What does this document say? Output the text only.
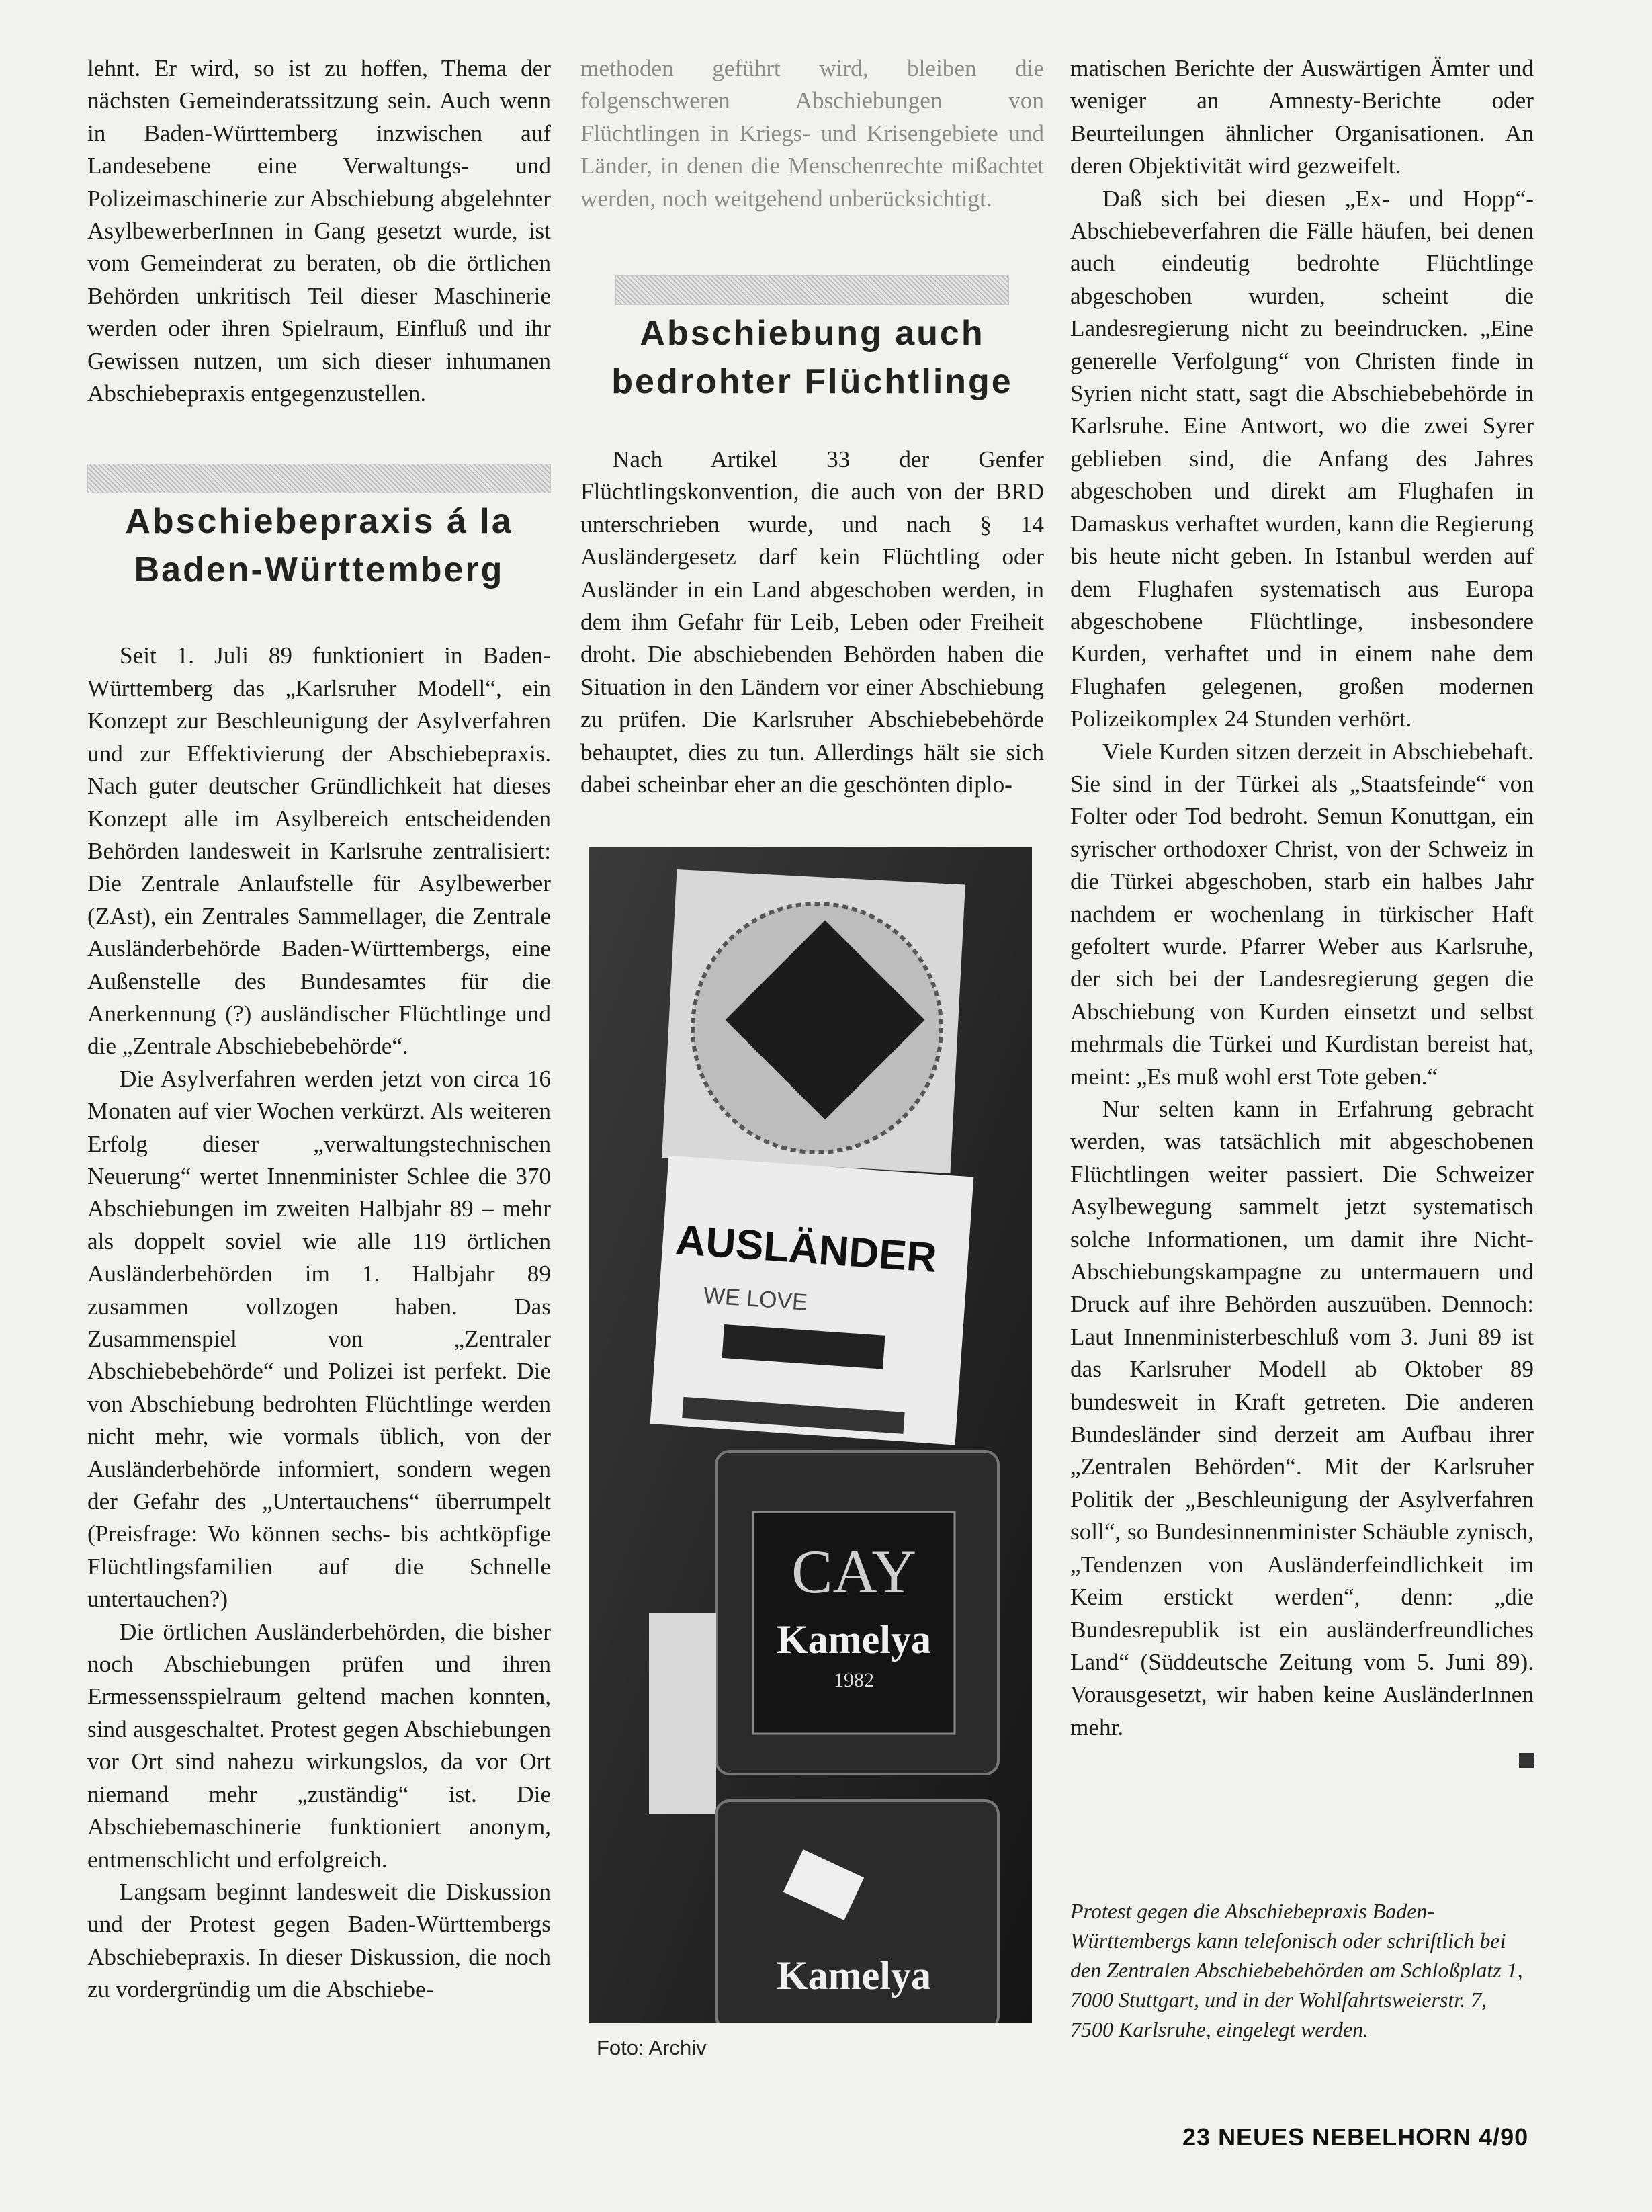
lehnt. Er wird, so ist zu hoffen, Thema der nächsten Gemeinderatssitzung sein. Auch wenn in Baden-Württemberg inzwischen auf Landesebene eine Verwaltungs- und Polizeimaschinerie zur Abschiebung abgelehnter AsylbewerberInnen in Gang gesetzt wurde, ist vom Gemeinderat zu beraten, ob die örtlichen Behörden unkritisch Teil dieser Maschinerie werden oder ihren Spielraum, Einfluß und ihr Gewissen nutzen, um sich dieser inhumanen Abschiebepraxis entgegenzustellen.

Abschiebepraxis á la
Baden-Württemberg

Seit 1. Juli 89 funktioniert in Baden-Württemberg das „Karlsruher Modell“, ein Konzept zur Beschleunigung der Asylverfahren und zur Effektivierung der Abschiebepraxis. Nach guter deutscher Gründlichkeit hat dieses Konzept alle im Asylbereich entscheidenden Behörden landesweit in Karlsruhe zentralisiert: Die Zentrale Anlaufstelle für Asylbewerber (ZAst), ein Zentrales Sammellager, die Zentrale Ausländerbehörde Baden-Württembergs, eine Außenstelle des Bundesamtes für die Anerkennung (?) ausländischer Flüchtlinge und die „Zentrale Abschiebebehörde“.

Die Asylverfahren werden jetzt von circa 16 Monaten auf vier Wochen verkürzt. Als weiteren Erfolg dieser „verwaltungstechnischen Neuerung“ wertet Innenminister Schlee die 370 Abschiebungen im zweiten Halbjahr 89 – mehr als doppelt soviel wie alle 119 örtlichen Ausländerbehörden im 1. Halbjahr 89 zusammen vollzogen haben. Das Zusammenspiel von „Zentraler Abschiebebehörde“ und Polizei ist perfekt. Die von Abschiebung bedrohten Flüchtlinge werden nicht mehr, wie vormals üblich, von der Ausländerbehörde informiert, sondern wegen der Gefahr des „Untertauchens“ überrumpelt (Preisfrage: Wo können sechs- bis achtköpfige Flüchtlingsfamilien auf die Schnelle untertauchen?)

Die örtlichen Ausländerbehörden, die bisher noch Abschiebungen prüfen und ihren Ermessensspielraum geltend machen konnten, sind ausgeschaltet. Protest gegen Abschiebungen vor Ort sind nahezu wirkungslos, da vor Ort niemand mehr „zuständig“ ist. Die Abschiebemaschinerie funktioniert anonym, entmenschlicht und erfolgreich.

Langsam beginnt landesweit die Diskussion und der Protest gegen Baden-Württembergs Abschiebepraxis. In dieser Diskussion, die noch zu vordergründig um die Abschiebe-

methoden geführt wird, bleiben die folgenschweren Abschiebungen von Flüchtlingen in Kriegs- und Krisengebiete und Länder, in denen die Menschenrechte mißachtet werden, noch weitgehend unberücksichtigt.

Abschiebung auch
bedrohter Flüchtlinge

Nach Artikel 33 der Genfer Flüchtlingskonvention, die auch von der BRD unterschrieben wurde, und nach § 14 Ausländergesetz darf kein Flüchtling oder Ausländer in ein Land abgeschoben werden, in dem ihm Gefahr für Leib, Leben oder Freiheit droht. Die abschiebenden Behörden haben die Situation in den Ländern vor einer Abschiebung zu prüfen. Die Karlsruher Abschiebebehörde behauptet, dies zu tun. Allerdings hält sie sich dabei scheinbar eher an die geschönten diplo-

AUSLÄNDER
WE LOVE
CAY
Kamelya
1982
Kamelya
Foto: Archiv

matischen Berichte der Auswärtigen Ämter und weniger an Amnesty-Berichte oder Beurteilungen ähnlicher Organisationen. An deren Objektivität wird gezweifelt.

Daß sich bei diesen „Ex- und Hopp“-Abschiebeverfahren die Fälle häufen, bei denen auch eindeutig bedrohte Flüchtlinge abgeschoben wurden, scheint die Landesregierung nicht zu beeindrucken. „Eine generelle Verfolgung“ von Christen finde in Syrien nicht statt, sagt die Abschiebebehörde in Karlsruhe. Eine Antwort, wo die zwei Syrer geblieben sind, die Anfang des Jahres abgeschoben und direkt am Flughafen in Damaskus verhaftet wurden, kann die Regierung bis heute nicht geben. In Istanbul werden auf dem Flughafen systematisch aus Europa abgeschobene Flüchtlinge, insbesondere Kurden, verhaftet und in einem nahe dem Flughafen gelegenen, großen modernen Polizeikomplex 24 Stunden verhört.

Viele Kurden sitzen derzeit in Abschiebehaft. Sie sind in der Türkei als „Staatsfeinde“ von Folter oder Tod bedroht. Semun Konuttgan, ein syrischer orthodoxer Christ, von der Schweiz in die Türkei abgeschoben, starb ein halbes Jahr nachdem er wochenlang in türkischer Haft gefoltert wurde. Pfarrer Weber aus Karlsruhe, der sich bei der Landesregierung gegen die Abschiebung von Kurden einsetzt und selbst mehrmals die Türkei und Kurdistan bereist hat, meint: „Es muß wohl erst Tote geben.“

Nur selten kann in Erfahrung gebracht werden, was tatsächlich mit abgeschobenen Flüchtlingen weiter passiert. Die Schweizer Asylbewegung sammelt jetzt systematisch solche Informationen, um damit ihre Nicht-Abschiebungskampagne zu untermauern und Druck auf ihre Behörden auszuüben. Dennoch: Laut Innenministerbeschluß vom 3. Juni 89 ist das Karlsruher Modell ab Oktober 89 bundesweit in Kraft getreten. Die anderen Bundesländer sind derzeit am Aufbau ihrer „Zentralen Behörden“. Mit der Karlsruher Politik der „Beschleunigung der Asylverfahren soll“, so Bundesinnenminister Schäuble zynisch, „Tendenzen von Ausländerfeindlichkeit im Keim erstickt werden“, denn: „die Bundesrepublik ist ein ausländerfreundliches Land“ (Süddeutsche Zeitung vom 5. Juni 89). Vorausgesetzt, wir haben keine AusländerInnen mehr.

Protest gegen die Abschiebepraxis Baden-Württembergs kann telefonisch oder schriftlich bei den Zentralen Abschiebebehörden am Schloßplatz 1, 7000 Stuttgart, und in der Wohlfahrtsweierstr. 7, 7500 Karlsruhe, eingelegt werden.
23 NEUES NEBELHORN 4/90
